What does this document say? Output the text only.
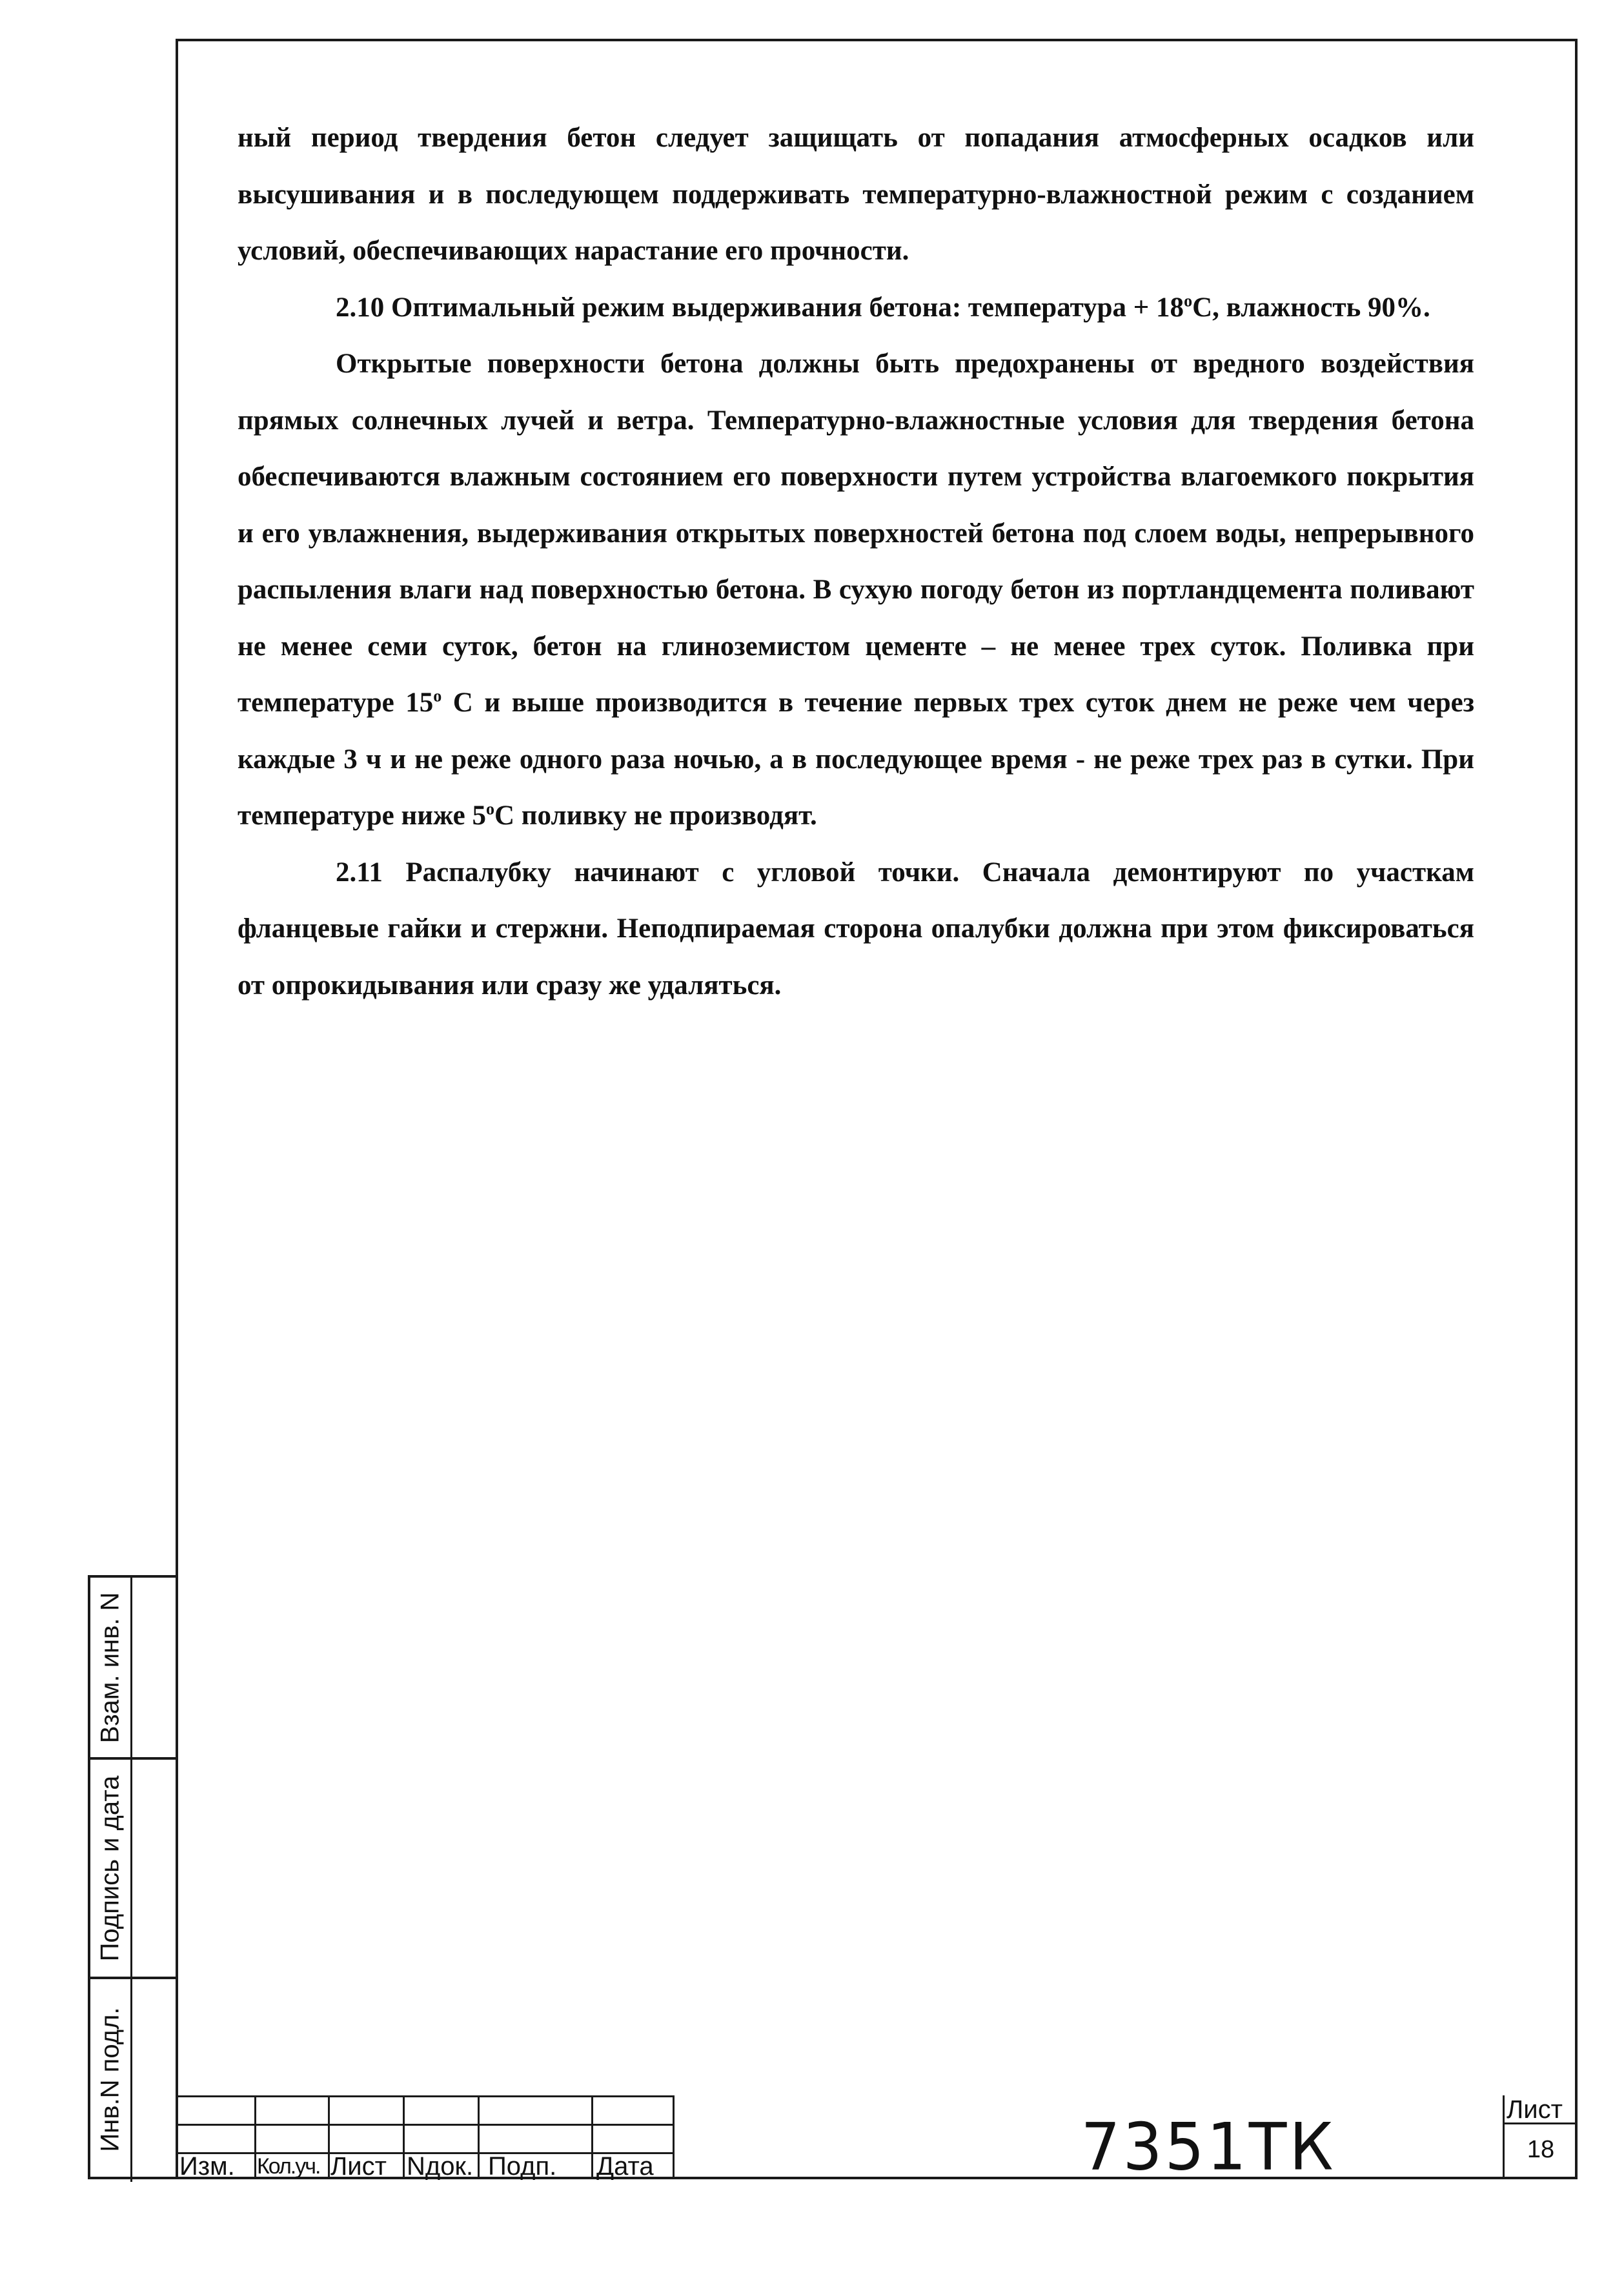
ный период твердения бетон следует защищать от попадания атмосферных осадков или высушивания и в последующем поддерживать температурно-влажностной режим с созданием условий, обеспечивающих нарастание его прочности.

2.10 Оптимальный режим выдерживания бетона: температура + $18^oС$, влажность 90%.

Открытые поверхности бетона должны быть предохранены от вредного воздействия прямых солнечных лучей и ветра. Температурно-влажностные условия для твердения бетона обеспечиваются влажным состоянием его поверхности путем устройства влагоемкого покрытия и его увлажнения, выдерживания открытых поверхностей бетона под слоем воды, непрерывного распыления влаги над поверхностью бетона. В сухую погоду бетон из портландцемента поливают не менее семи суток, бетон на глиноземистом цементе – не менее трех суток. Поливка при температуре 15$^o$ С и выше производится в течение первых трех суток днем не реже чем через каждые 3 ч и не реже одного раза ночью, а в последующее время - не реже трех раз в сутки. При температуре ниже 5$^o$С поливку не производят.

2.11 Распалубку начинают с угловой точки. Сначала демонтируют по участкам фланцевые гайки и стержни. Неподпираемая сторона опалубки должна при этом фиксироваться от опрокидывания или сразу же удаляться.

Взам. инв. N
Подпись и дата
Инв.N подл.
Изм. Кол.уч. Лист Nдок. Подп. Дата	7351ТК	Лист
18
